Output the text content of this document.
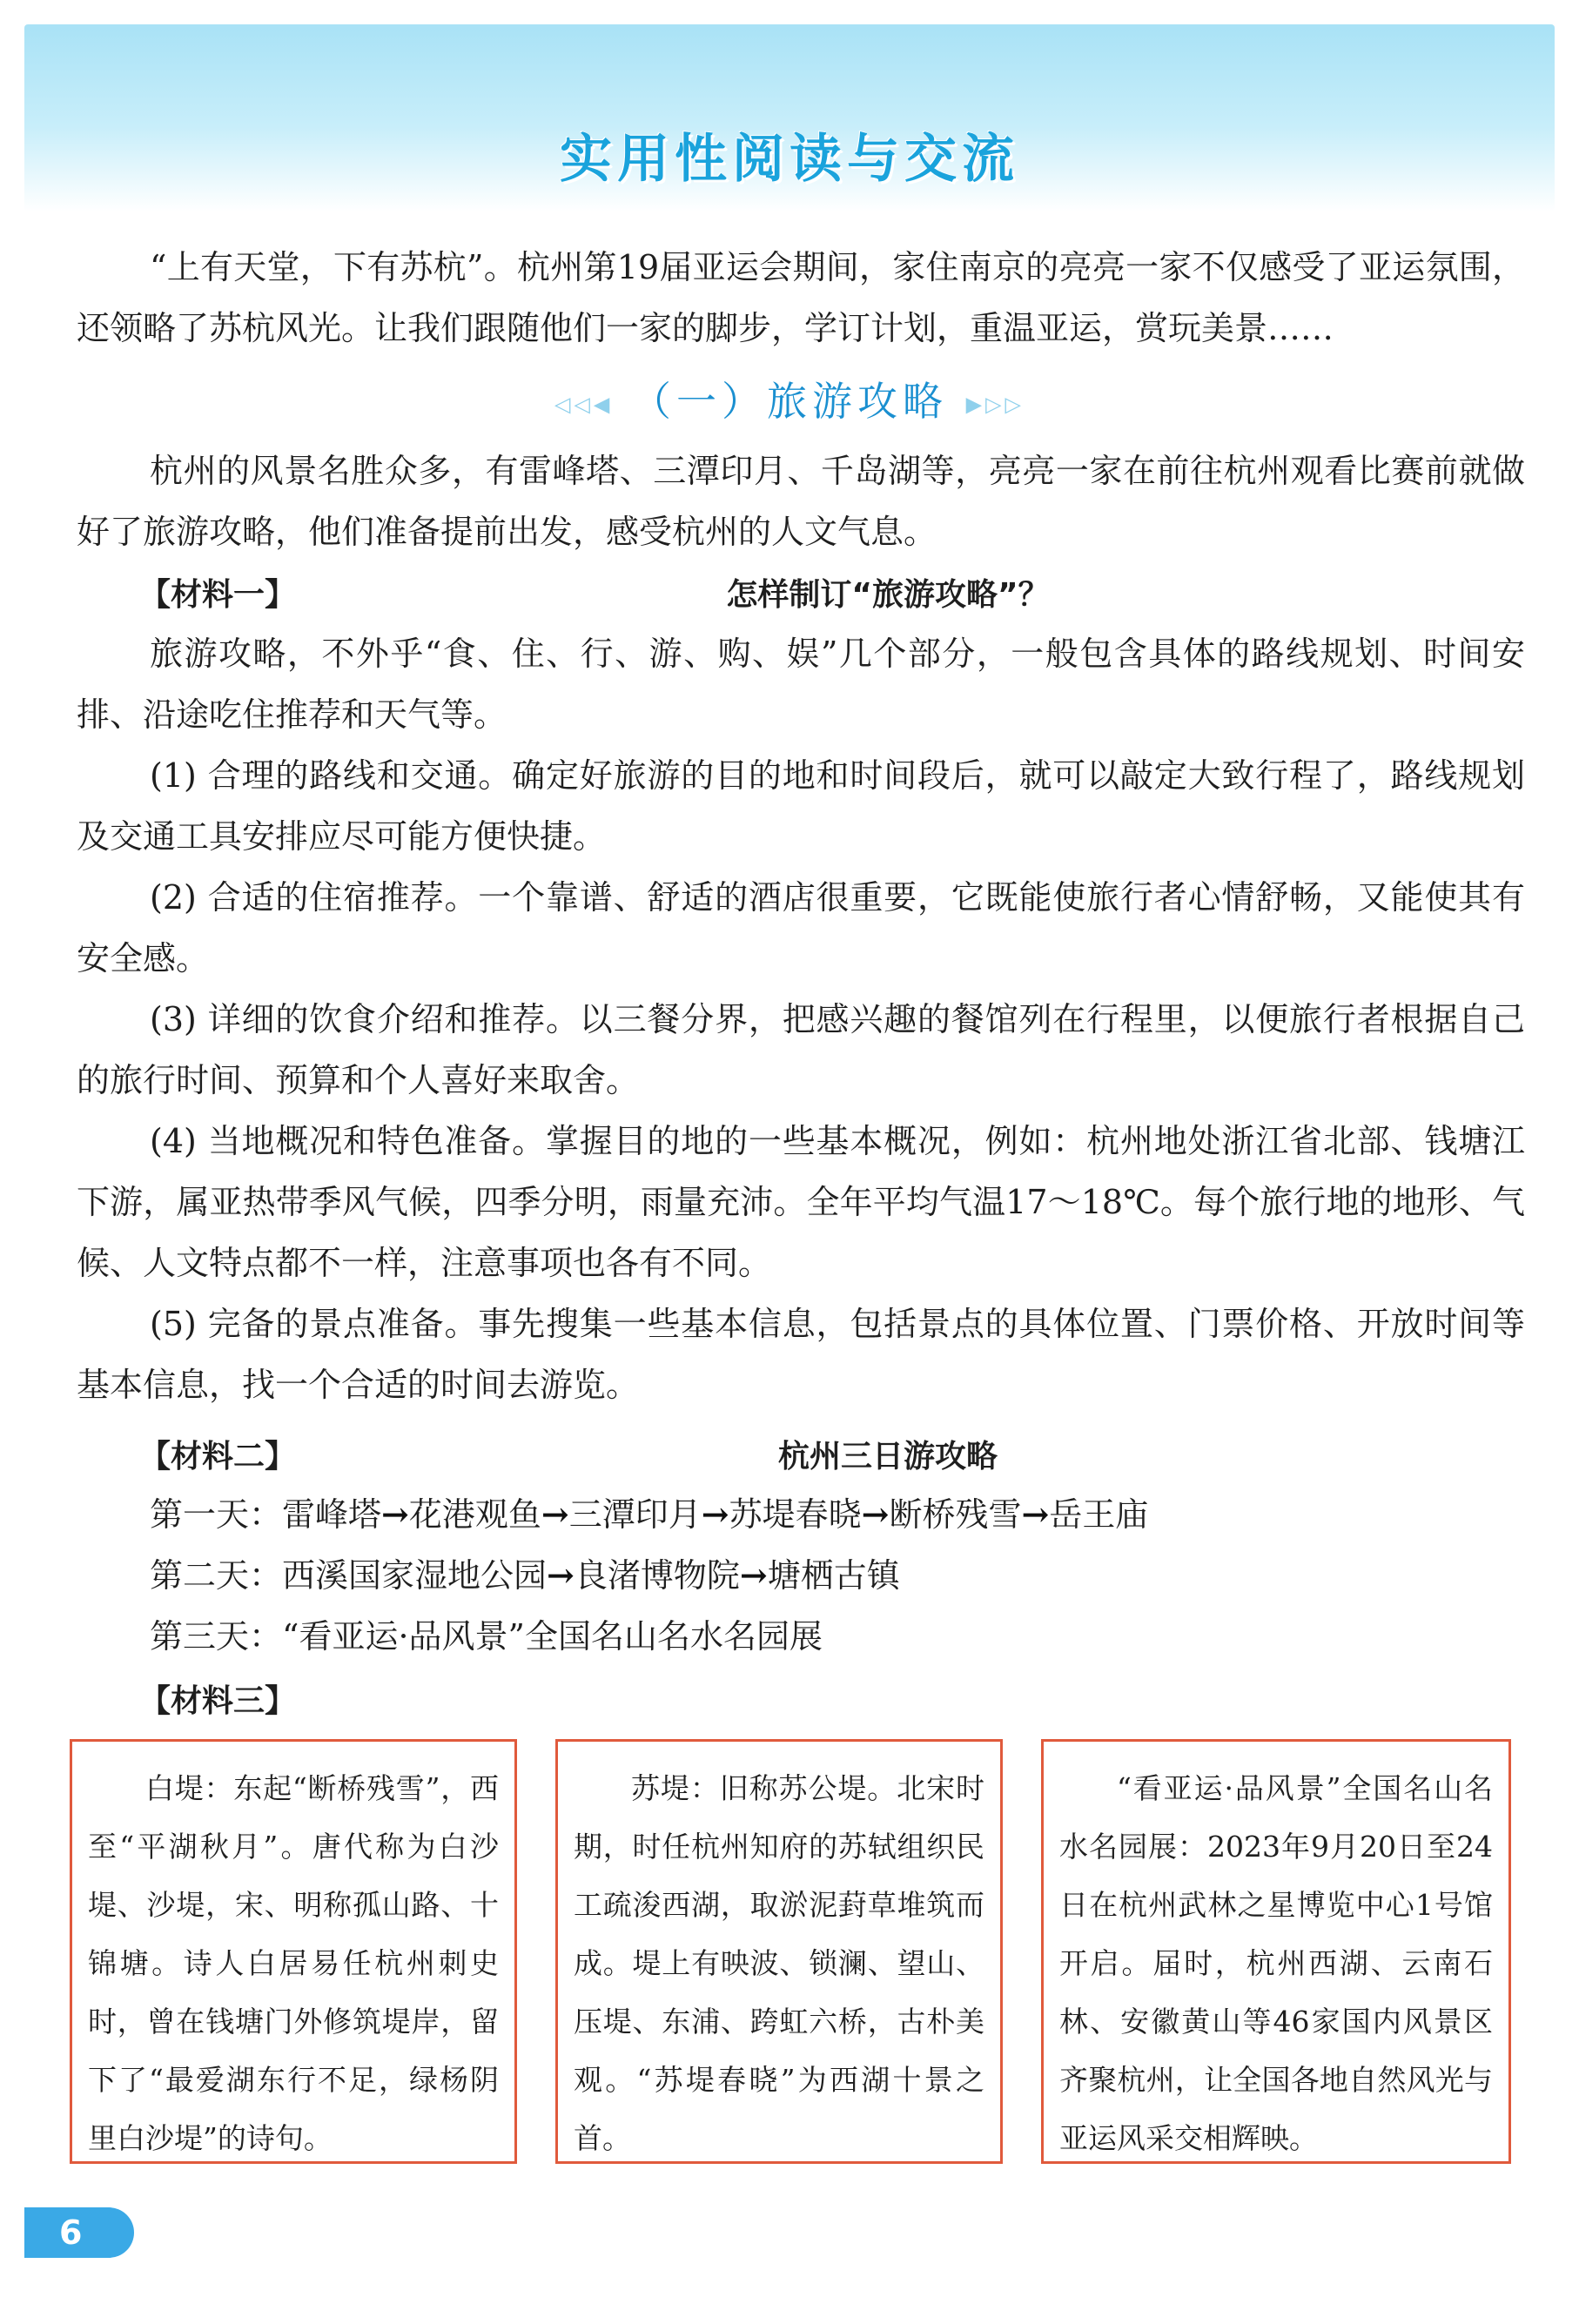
实用性阅读与交流

“上有天堂，下有苏杭”。杭州第19届亚运会期间，家住南京的亮亮一家不仅感受了亚运氛围，还领略了苏杭风光。让我们跟随他们一家的脚步，学订计划，重温亚运，赏玩美景……

◁◁◀ （一）旅游攻略 ▶▷▷

杭州的风景名胜众多，有雷峰塔、三潭印月、千岛湖等，亮亮一家在前往杭州观看比赛前就做好了旅游攻略，他们准备提前出发，感受杭州的人文气息。

【材料一】	怎样制订“旅游攻略”？

旅游攻略，不外乎“食、住、行、游、购、娱”几个部分，一般包含具体的路线规划、时间安排、沿途吃住推荐和天气等。

(1) 合理的路线和交通。确定好旅游的目的地和时间段后，就可以敲定大致行程了，路线规划及交通工具安排应尽可能方便快捷。

(2) 合适的住宿推荐。一个靠谱、舒适的酒店很重要，它既能使旅行者心情舒畅，又能使其有安全感。

(3) 详细的饮食介绍和推荐。以三餐分界，把感兴趣的餐馆列在行程里，以便旅行者根据自己的旅行时间、预算和个人喜好来取舍。

(4) 当地概况和特色准备。掌握目的地的一些基本概况，例如：杭州地处浙江省北部、钱塘江下游，属亚热带季风气候，四季分明，雨量充沛。全年平均气温17～18℃。每个旅行地的地形、气候、人文特点都不一样，注意事项也各有不同。

(5) 完备的景点准备。事先搜集一些基本信息，包括景点的具体位置、门票价格、开放时间等基本信息，找一个合适的时间去游览。

【材料二】	杭州三日游攻略

第一天：雷峰塔→花港观鱼→三潭印月→苏堤春晓→断桥残雪→岳王庙

第二天：西溪国家湿地公园→良渚博物院→塘栖古镇

第三天：“看亚运·品风景”全国名山名水名园展

【材料三】

白堤：东起“断桥残雪”，西至“平湖秋月”。唐代称为白沙堤、沙堤，宋、明称孤山路、十锦塘。诗人白居易任杭州刺史时，曾在钱塘门外修筑堤岸，留下了“最爱湖东行不足，绿杨阴里白沙堤”的诗句。

苏堤：旧称苏公堤。北宋时期，时任杭州知府的苏轼组织民工疏浚西湖，取淤泥葑草堆筑而成。堤上有映波、锁澜、望山、压堤、东浦、跨虹六桥，古朴美观。“苏堤春晓”为西湖十景之首。

“看亚运·品风景”全国名山名水名园展：2023年9月20日至24日在杭州武林之星博览中心1号馆开启。届时，杭州西湖、云南石林、安徽黄山等46家国内风景区齐聚杭州，让全国各地自然风光与亚运风采交相辉映。

6
